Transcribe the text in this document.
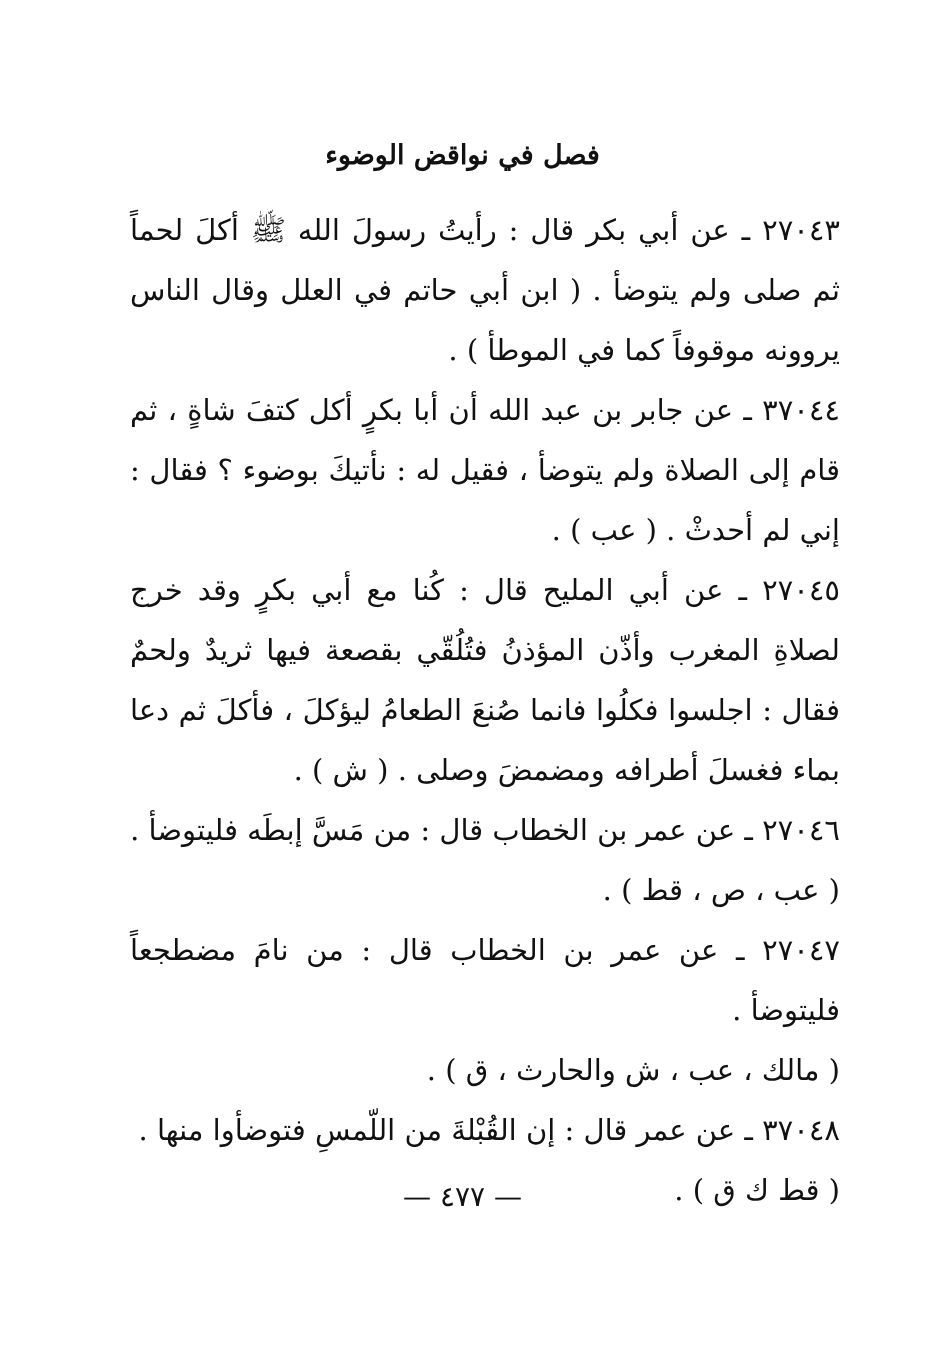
فصل في نواقض الوضوء
٢٧٠٤٣ ـ عن أبي بكر قال : رأيتُ رسولَ الله ﷺ أكلَ لحماً ثم صلى ولم يتوضأ . ( ابن أبي حاتم في العلل وقال الناس يروونه موقوفاً كما في الموطأ ) .
٣٧٠٤٤ ـ عن جابر بن عبد الله أن أبا بكرٍ أكل كتفَ شاةٍ ، ثم قام إلى الصلاة ولم يتوضأ ، فقيل له : نأتيكَ بوضوء ؟ فقال : إني لم أحدثْ . ( عب ) .
٢٧٠٤٥ ـ عن أبي المليح قال : كُنا مع أبي بكرٍ وقد خرج لصلاةِ المغرب وأذّن المؤذنُ فتُلُقّي بقصعة فيها ثريدٌ ولحمٌ فقال : اجلسوا فكلُوا فانما صُنعَ الطعامُ ليؤكلَ ، فأكلَ ثم دعا بماء فغسلَ أطرافه ومضمضَ وصلى . ( ش ) .
٢٧٠٤٦ ـ عن عمر بن الخطاب قال : من مَسَّ إبطَه فليتوضأ .
( عب ، ص ، قط ) .
٢٧٠٤٧ ـ عن عمر بن الخطاب قال : من نامَ مضطجعاً فليتوضأ .
( مالك ، عب ، ش والحارث ، ق ) .
٣٧٠٤٨ ـ عن عمر قال : إن القُبْلةَ من اللّمسِ فتوضأوا منها .
( قط ك ق ) .
— ٤٧٧ —
